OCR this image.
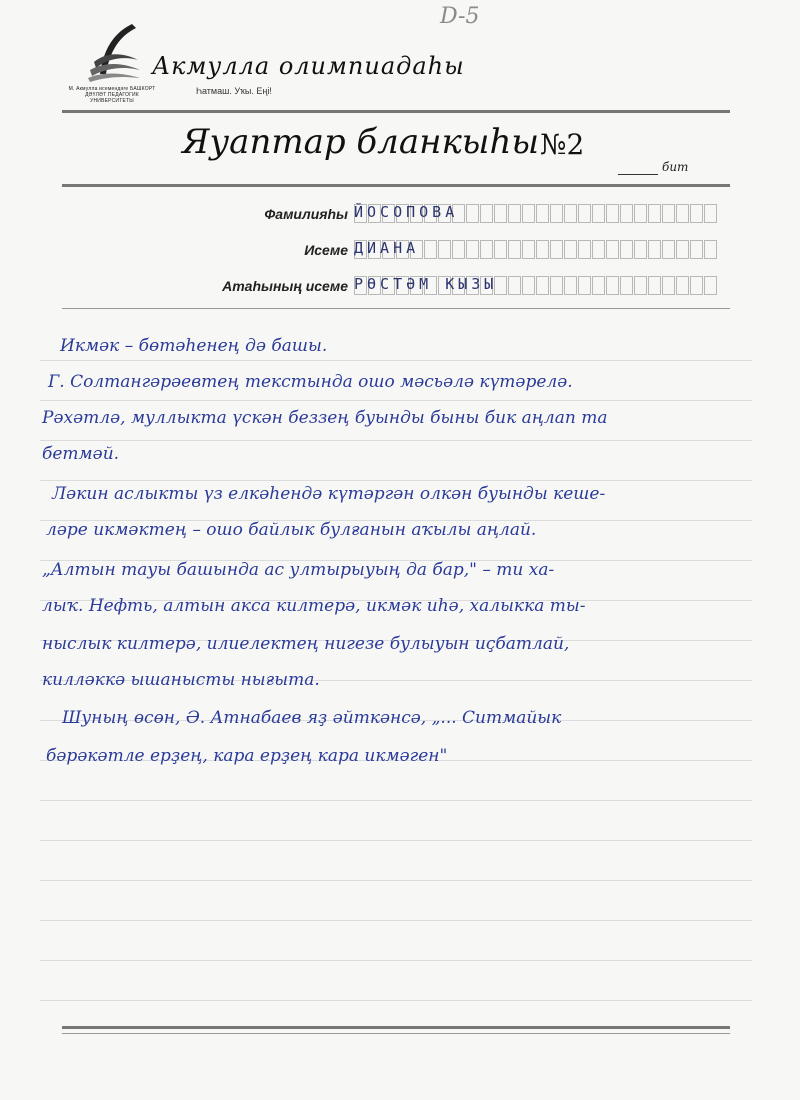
D-5
М. Акмулла исемендәге БАШКОРТ ДӘҮЛӘТ ПЕДАГОГИК УНИВЕРСИТЕТЫ
Акмулла олимпиадаһы
Һатмаш. Уҡы. Еңі!
Яуаптар бланкыһы №2
бит
Фамилияһы ЙОСОПОВА
Исеме ДИАНА
Атаһының исеме РӨСТӘМ КЫЗЫ
Икмәк – бөтәһенең дә башы.
Г. Солтангәрәевтең текстында ошо мәсьәлә күтәрелә.
Рәхәтлә, муллыкта үскән беззең буынды быны бик аңлап та
бетмәй.
Ләкин аслыкты үз елкәһендә күтәргән олкән буынды кеше-
ләре икмәктең – ошо байлык булғанын аҡылы аңлай.
„Алтын тауы башында ас ултырыуың да бар," – ти ха-
лыҡ. Нефть, алтын акса килтерә, икмәк иһә, халыкка ты-
ныслык килтерә, илиелектең нигезе булыуын иҫбатлай,
килләккә ышанысты нығыта.
Шуның өсөн, Ә. Атнабаев яҙ әйткәнсә, „... Ситмайык
бәрәкәтле ерҙең, кара ерҙең кара икмәген"
